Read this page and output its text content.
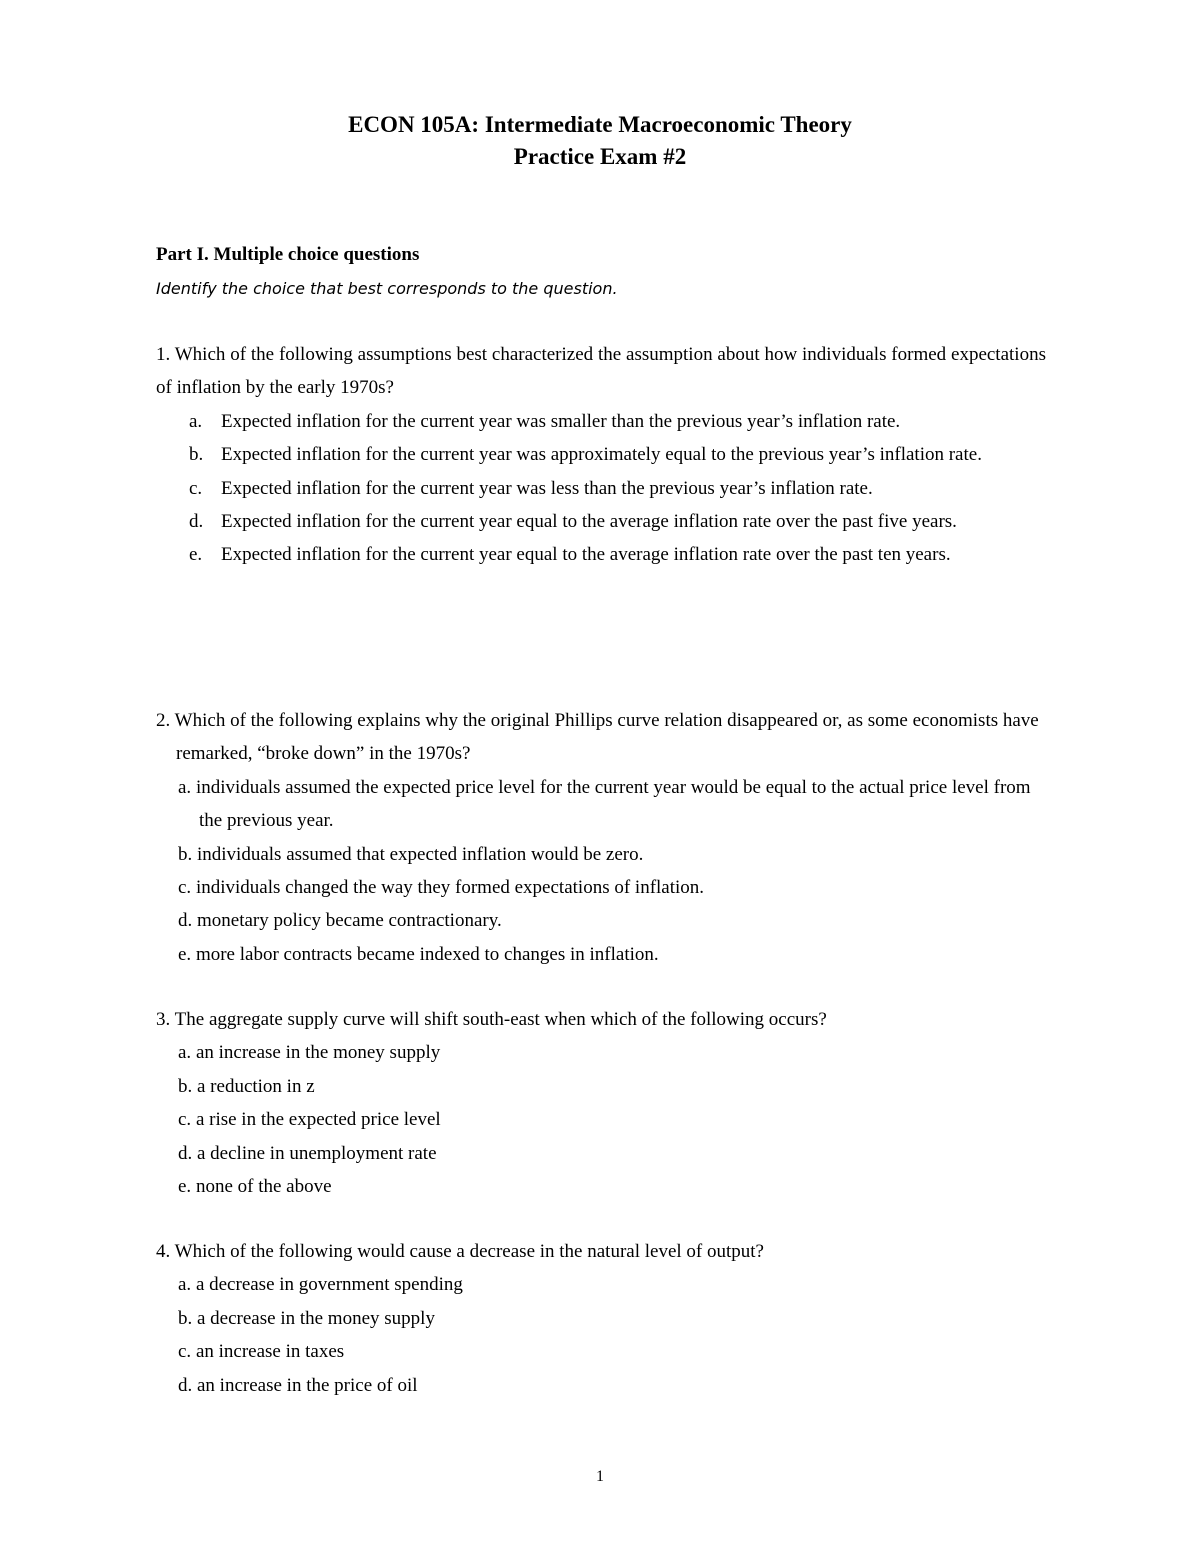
ECON 105A: Intermediate Macroeconomic Theory
Practice Exam #2
Part I. Multiple choice questions
Identify the choice that best corresponds to the question.

1. Which of the following assumptions best characterized the assumption about how individuals formed expectations of inflation by the early 1970s?

a. Expected inflation for the current year was smaller than the previous year’s inflation rate.

b. Expected inflation for the current year was approximately equal to the previous year’s inflation rate.

c. Expected inflation for the current year was less than the previous year’s inflation rate.

d. Expected inflation for the current year equal to the average inflation rate over the past five years.

e. Expected inflation for the current year equal to the average inflation rate over the past ten years.

2. Which of the following explains why the original Phillips curve relation disappeared or, as some economists have remarked, “broke down” in the 1970s?

a. individuals assumed the expected price level for the current year would be equal to the actual price level from the previous year.

b. individuals assumed that expected inflation would be zero.

c. individuals changed the way they formed expectations of inflation.

d. monetary policy became contractionary.

e. more labor contracts became indexed to changes in inflation.

3. The aggregate supply curve will shift south-east when which of the following occurs?

a. an increase in the money supply

b. a reduction in z

c. a rise in the expected price level

d. a decline in unemployment rate

e. none of the above

4. Which of the following would cause a decrease in the natural level of output?

a. a decrease in government spending

b. a decrease in the money supply

c. an increase in taxes

d. an increase in the price of oil

1
